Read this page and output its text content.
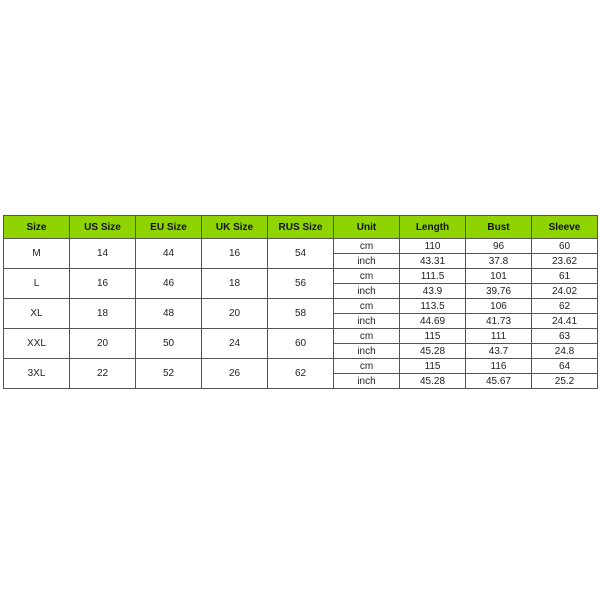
Size	US Size	EU Size	UK Size	RUS Size	Unit	Length	Bust	Sleeve
M	14	44	16	54	cm	110	96	60
					inch	43.31	37.8	23.62
L	16	46	18	56	cm	111.5	101	61
					inch	43.9	39.76	24.02
XL	18	48	20	58	cm	113.5	106	62
					inch	44.69	41.73	24.41
XXL	20	50	24	60	cm	115	111	63
					inch	45.28	43.7	24.8
3XL	22	52	26	62	cm	115	116	64
					inch	45.28	45.67	25.2
